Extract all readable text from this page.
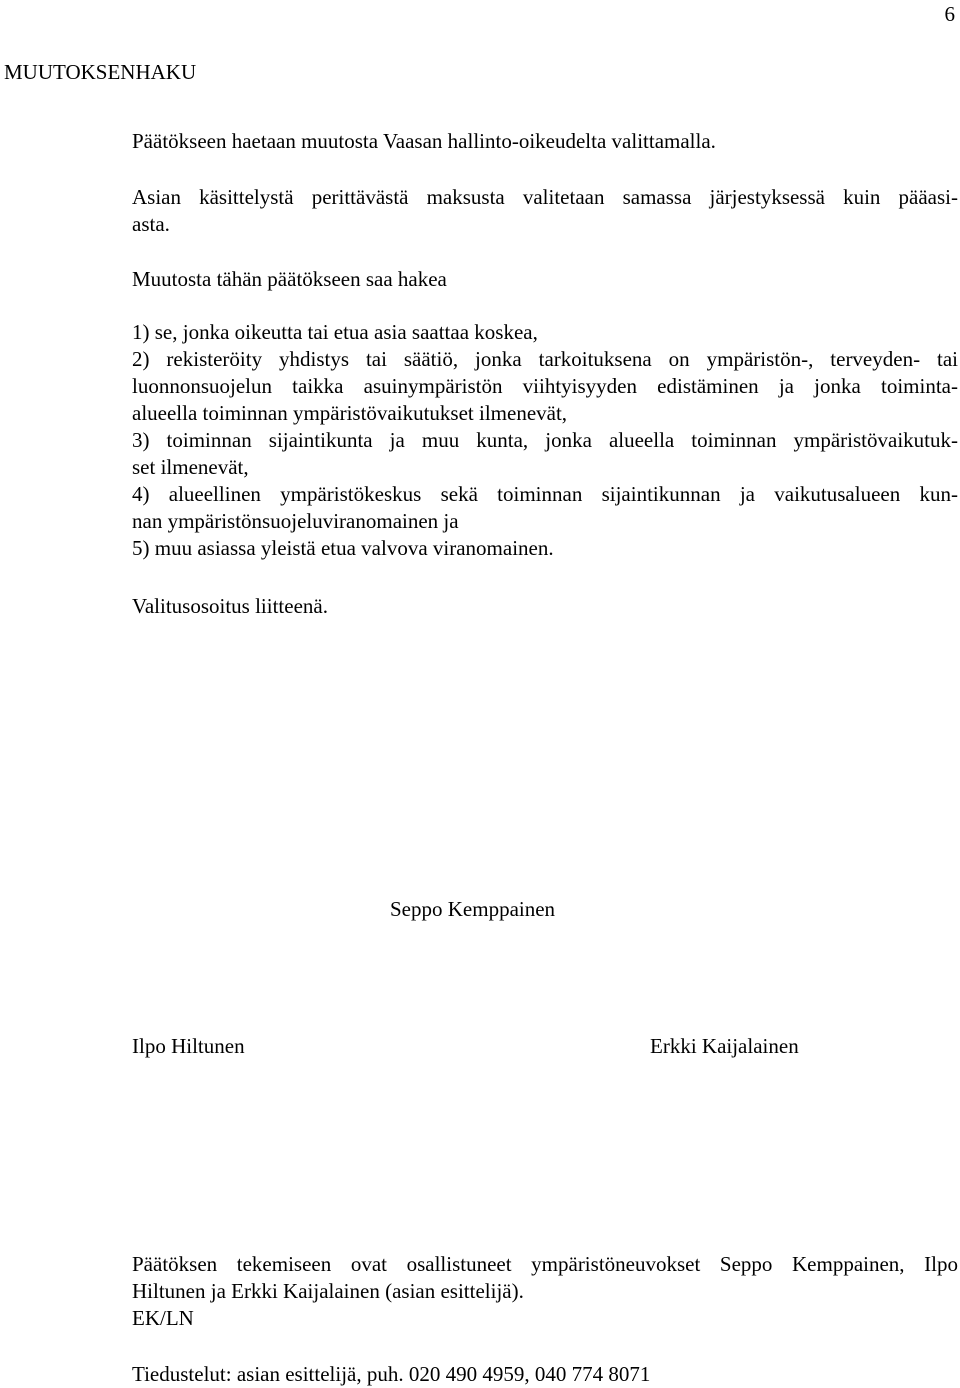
6
MUUTOKSENHAKU
Päätökseen haetaan muutosta Vaasan hallinto-oikeudelta valittamalla.
Asian käsittelystä perittävästä maksusta valitetaan samassa järjestyksessä kuin pääasi-
asta.
Muutosta tähän päätökseen saa hakea
1) se, jonka oikeutta tai etua asia saattaa koskea,
2) rekisteröity yhdistys tai säätiö, jonka tarkoituksena on ympäristön-, terveyden- tai
luonnonsuojelun taikka asuinympäristön viihtyisyyden edistäminen ja jonka toiminta-
alueella toiminnan ympäristövaikutukset ilmenevät,
3) toiminnan sijaintikunta ja muu kunta, jonka alueella toiminnan ympäristövaikutuk-
set ilmenevät,
4) alueellinen ympäristökeskus sekä toiminnan sijaintikunnan ja vaikutusalueen kun-
nan ympäristönsuojeluviranomainen ja
5) muu asiassa yleistä etua valvova viranomainen.
Valitusosoitus liitteenä.
Seppo Kemppainen
Ilpo Hiltunen	Erkki Kaijalainen
Päätöksen tekemiseen ovat osallistuneet ympäristöneuvokset Seppo Kemppainen, Ilpo
Hiltunen ja Erkki Kaijalainen (asian esittelijä).
EK/LN
Tiedustelut: asian esittelijä, puh. 020 490 4959, 040 774 8071
